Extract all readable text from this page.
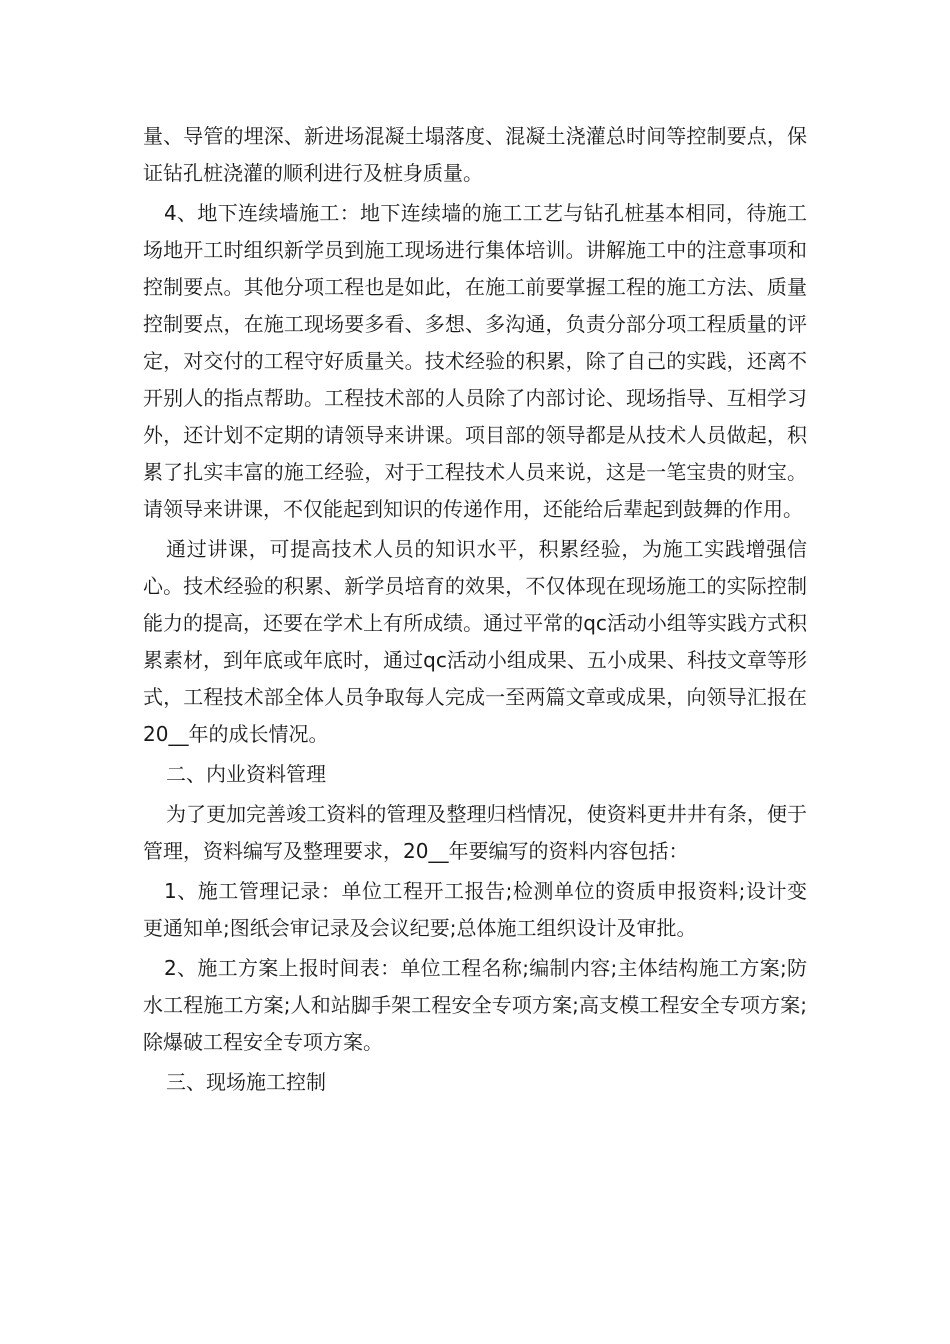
量、导管的埋深、新进场混凝土塌落度、混凝土浇灌总时间等控制要点，保证钻孔桩浇灌的顺利进行及桩身质量。

4、地下连续墙施工：地下连续墙的施工工艺与钻孔桩基本相同，待施工场地开工时组织新学员到施工现场进行集体培训。讲解施工中的注意事项和控制要点。其他分项工程也是如此，在施工前要掌握工程的施工方法、质量控制要点，在施工现场要多看、多想、多沟通，负责分部分项工程质量的评定，对交付的工程守好质量关。技术经验的积累，除了自己的实践，还离不开别人的指点帮助。工程技术部的人员除了内部讨论、现场指导、互相学习外，还计划不定期的请领导来讲课。项目部的领导都是从技术人员做起，积累了扎实丰富的施工经验，对于工程技术人员来说，这是一笔宝贵的财宝。请领导来讲课，不仅能起到知识的传递作用，还能给后辈起到鼓舞的作用。

通过讲课，可提高技术人员的知识水平，积累经验，为施工实践增强信心。技术经验的积累、新学员培育的效果，不仅体现在现场施工的实际控制能力的提高，还要在学术上有所成绩。通过平常的qc活动小组等实践方式积累素材，到年底或年底时，通过qc活动小组成果、五小成果、科技文章等形式，工程技术部全体人员争取每人完成一至两篇文章或成果，向领导汇报在20__年的成长情况。

二、内业资料管理

为了更加完善竣工资料的管理及整理归档情况，使资料更井井有条，便于管理，资料编写及整理要求，20__年要编写的资料内容包括：

1、施工管理记录：单位工程开工报告;检测单位的资质申报资料;设计变更通知单;图纸会审记录及会议纪要;总体施工组织设计及审批。

2、施工方案上报时间表：单位工程名称;编制内容;主体结构施工方案;防水工程施工方案;人和站脚手架工程安全专项方案;高支模工程安全专项方案;除爆破工程安全专项方案。

三、现场施工控制
